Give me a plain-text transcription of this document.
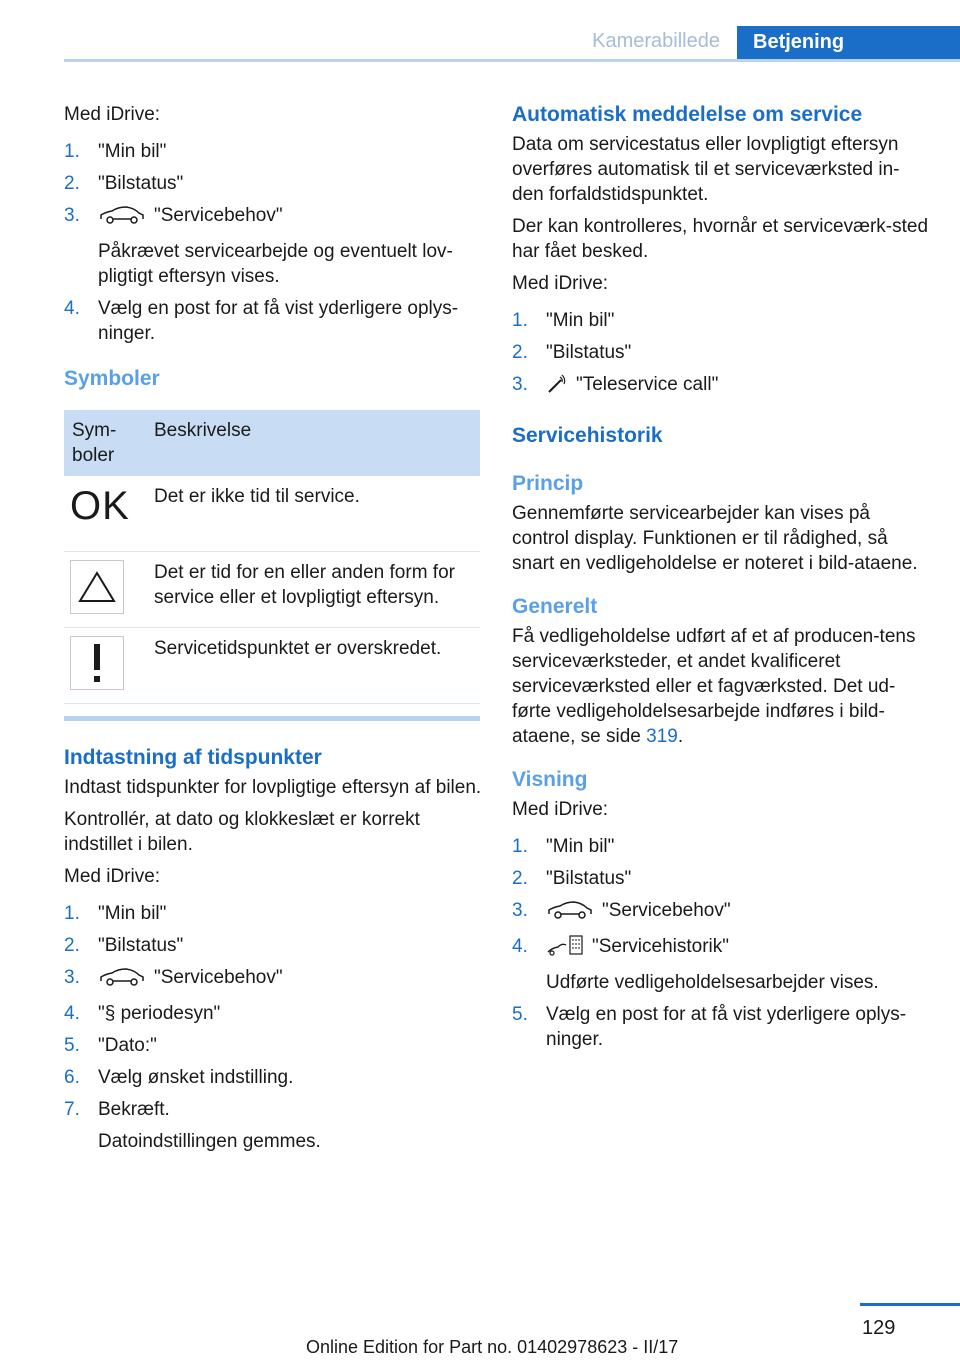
Kamerabillede	Betjening

Med iDrive:

1. "Min bil"
2. "Bilstatus"
3.	"Servicebehov"
Påkrævet servicearbejde og eventuelt lov-pligtigt eftersyn vises.
4. Vælg en post for at få vist yderligere oplys-ninger.
Symboler
Sym-boler	Beskrivelse
OK	Det er ikke tid til service.

	Det er tid for en eller anden form for service eller et lovpligtigt eftersyn.

	Servicetidspunktet er overskredet.
Indtastning af tidspunkter

Indtast tidspunkter for lovpligtige eftersyn af bilen.

Kontrollér, at dato og klokkeslæt er korrekt indstillet i bilen.

Med iDrive:

1. "Min bil"
2. "Bilstatus"
3.	"Servicebehov"
4. "§ periodesyn"
5. "Dato:"
6. Vælg ønsket indstilling.
7. Bekræft.
Datoindstillingen gemmes.
Automatisk meddelelse om service

Data om servicestatus eller lovpligtigt eftersyn overføres automatisk til et serviceværksted in-den forfaldstidspunktet.

Der kan kontrolleres, hvornår et serviceværk-sted har fået besked.

Med iDrive:

1. "Min bil"
2. "Bilstatus"
3.	"Teleservice call"
Servicehistorik
Princip

Gennemførte servicearbejder kan vises på control display. Funktionen er til rådighed, så snart en vedligeholdelse er noteret i bild-ataene.

Generelt

Få vedligeholdelse udført af et af producen-tens serviceværksteder, et andet kvalificeret serviceværksted eller et fagværksted. Det ud-førte vedligeholdelsesarbejde indføres i bild-ataene, se side 319.

Visning

Med iDrive:

1. "Min bil"
2. "Bilstatus"
3.	"Servicebehov"
4.	"Servicehistorik"
Udførte vedligeholdelsesarbejder vises.
5. Vælg en post for at få vist yderligere oplys-ninger.
129
Online Edition for Part no. 01402978623 - II/17
